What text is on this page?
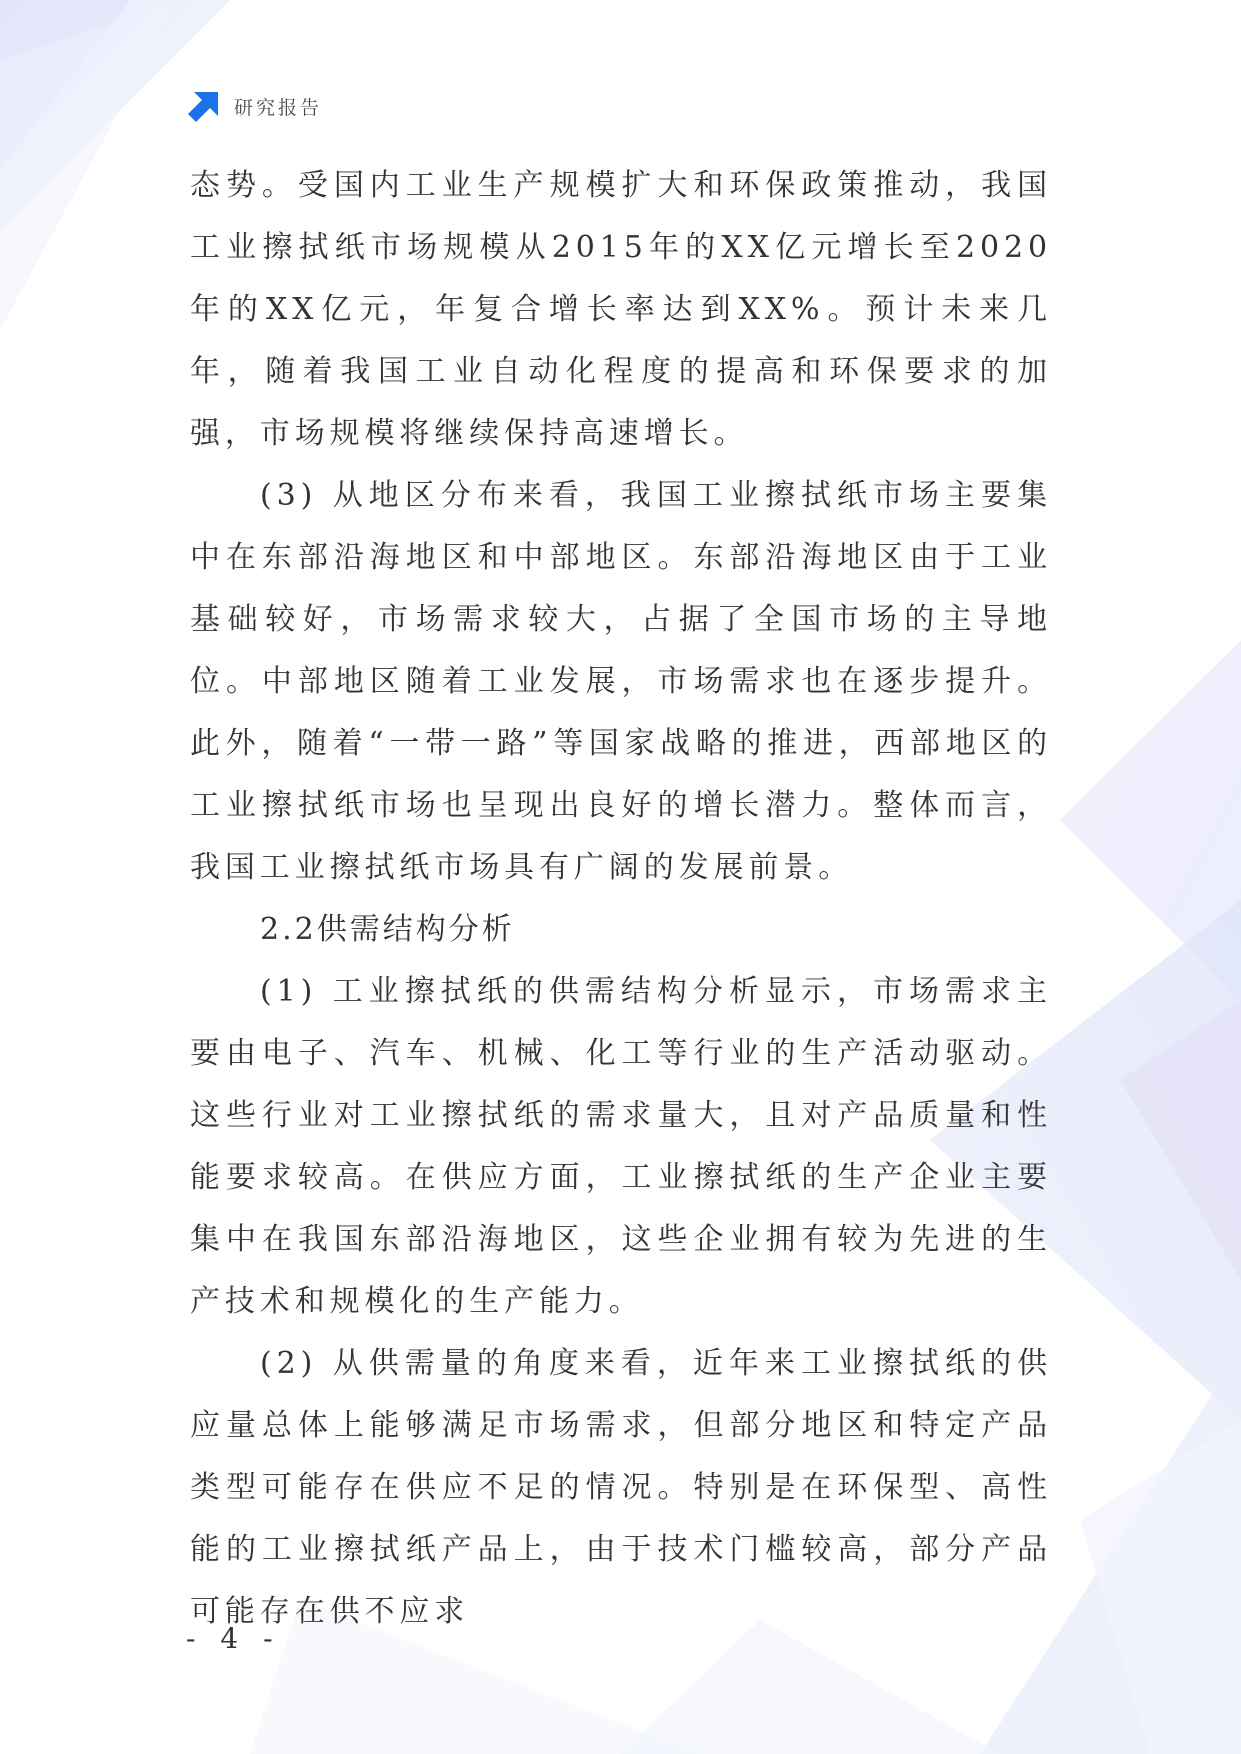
研究报告

态势。受国内工业生产规模扩大和环保政策推动，我国工业擦拭纸市场规模从2015年的XX亿元增长至2020年的XX亿元，年复合增长率达到XX%。预计未来几年，随着我国工业自动化程度的提高和环保要求的加强，市场规模将继续保持高速增长。

(3) 从地区分布来看，我国工业擦拭纸市场主要集中在东部沿海地区和中部地区。东部沿海地区由于工业基础较好，市场需求较大，占据了全国市场的主导地位。中部地区随着工业发展，市场需求也在逐步提升。此外，随着“一带一路”等国家战略的推进，西部地区的工业擦拭纸市场也呈现出良好的增长潜力。整体而言，我国工业擦拭纸市场具有广阔的发展前景。

2.2供需结构分析

(1) 工业擦拭纸的供需结构分析显示，市场需求主要由电子、汽车、机械、化工等行业的生产活动驱动。这些行业对工业擦拭纸的需求量大，且对产品质量和性能要求较高。在供应方面，工业擦拭纸的生产企业主要集中在我国东部沿海地区，这些企业拥有较为先进的生产技术和规模化的生产能力。

(2) 从供需量的角度来看，近年来工业擦拭纸的供应量总体上能够满足市场需求，但部分地区和特定产品类型可能存在供应不足的情况。特别是在环保型、高性能的工业擦拭纸产品上，由于技术门槛较高，部分产品可能存在供不应求

- 4 -
